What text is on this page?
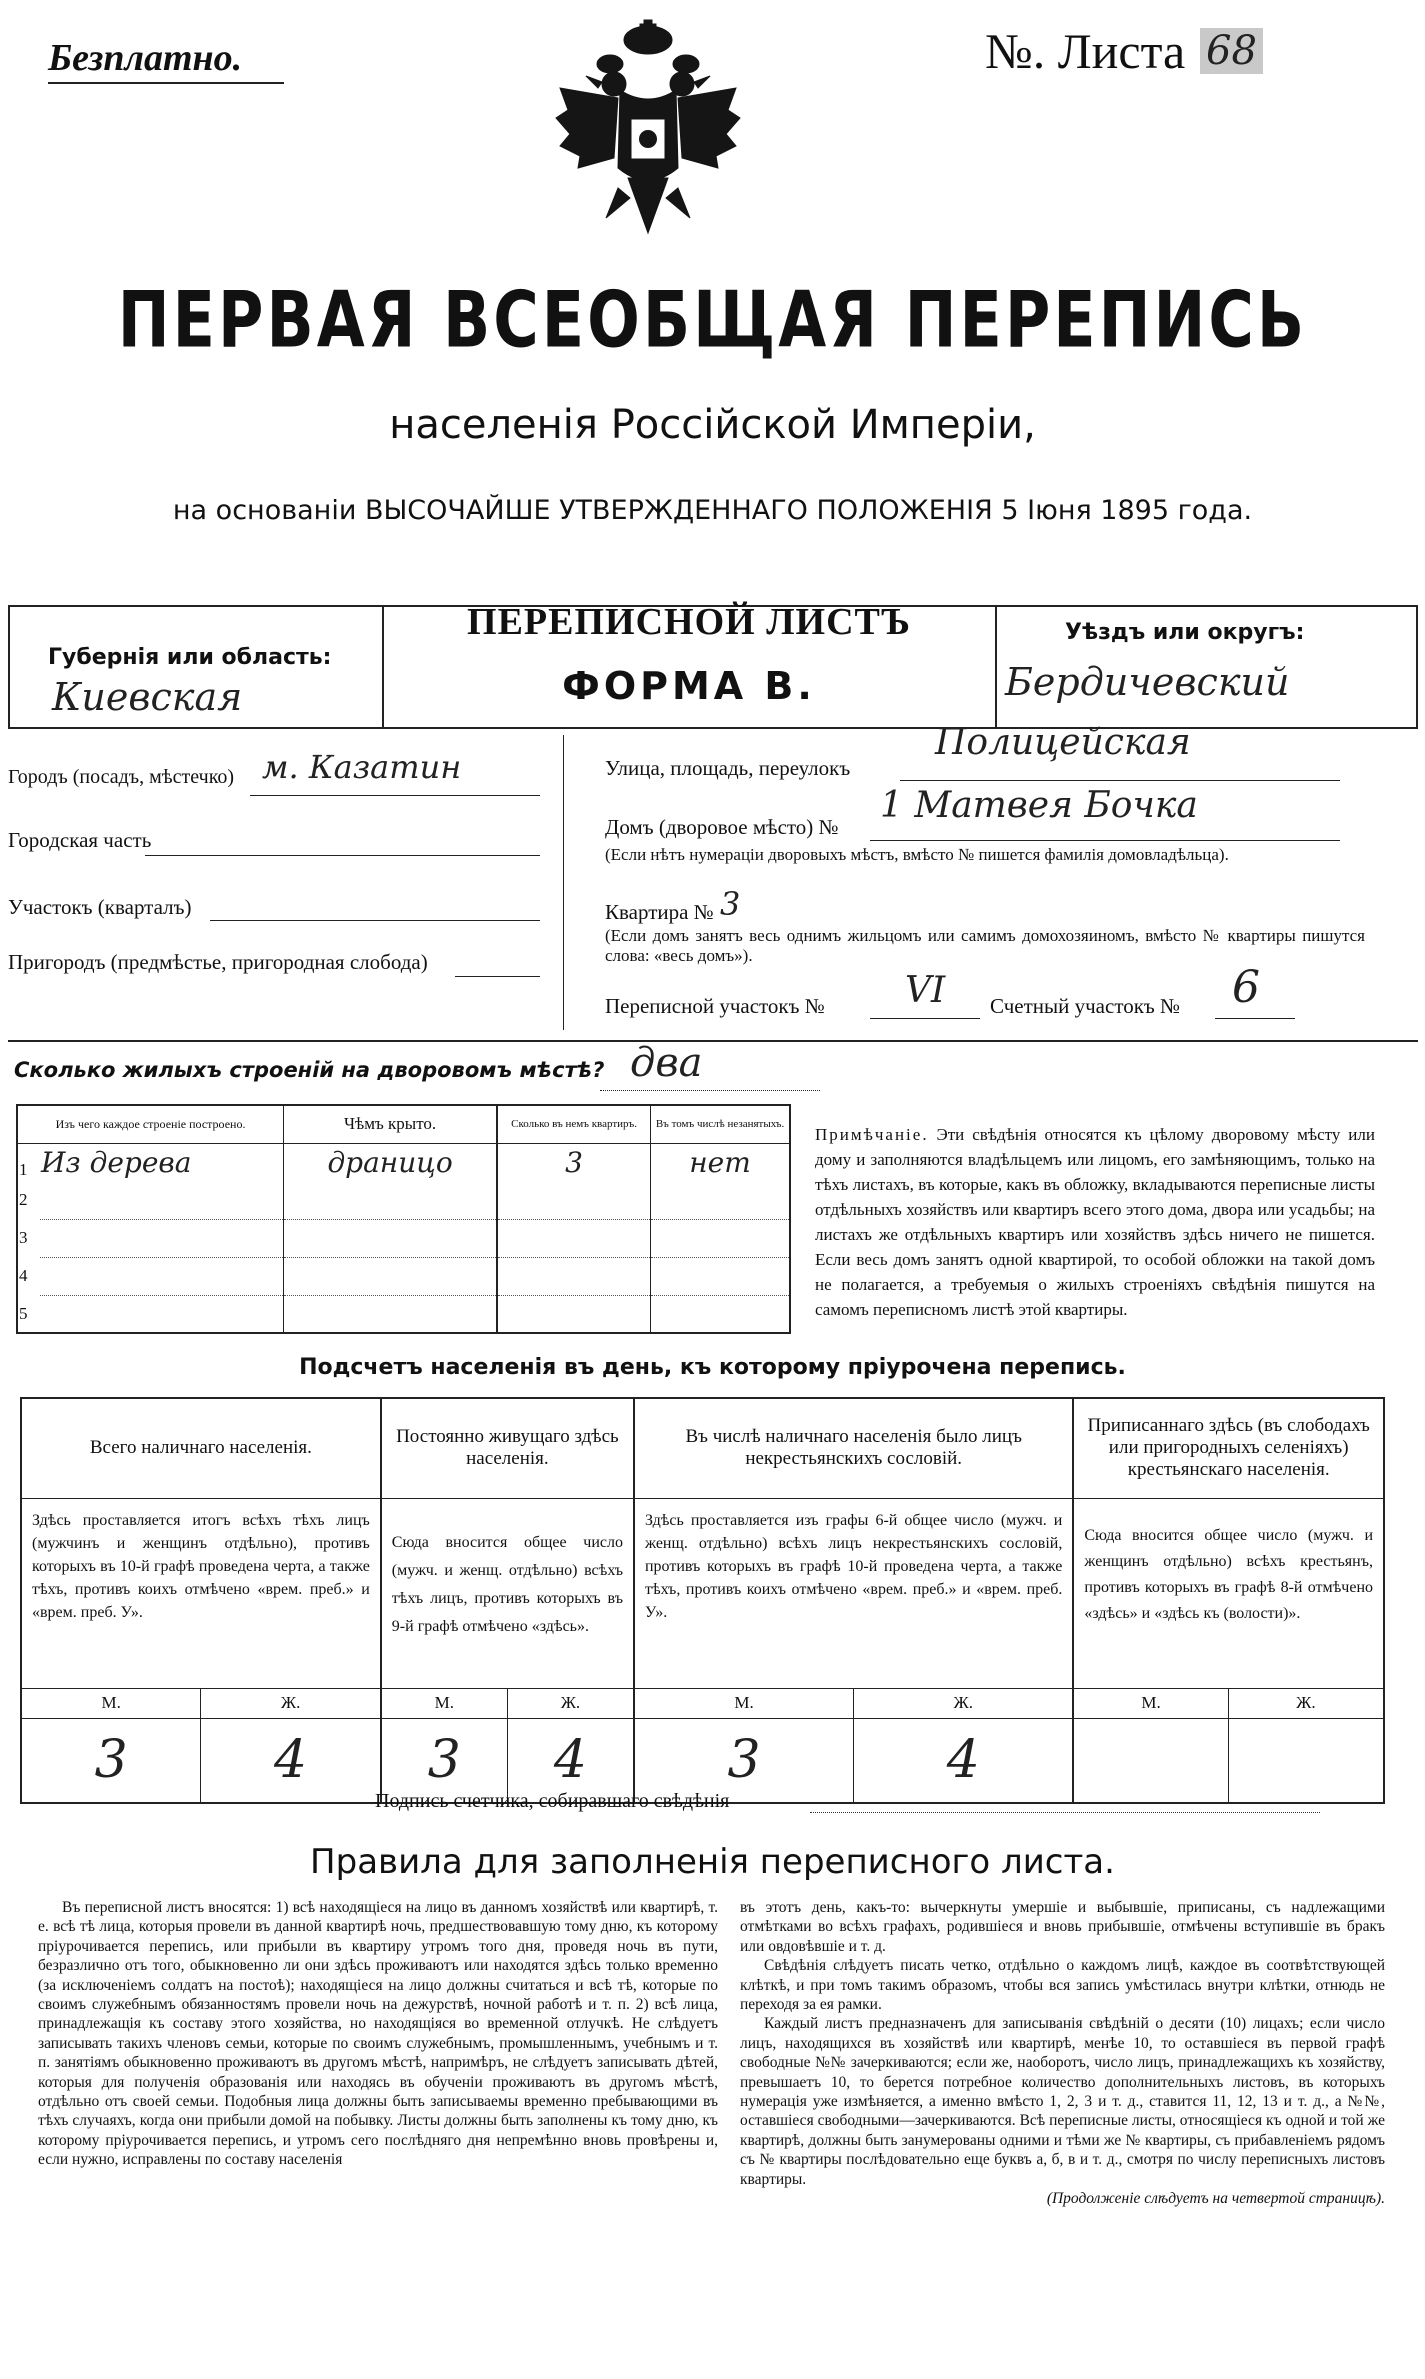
Безплатно.	№. Листа 68
ПЕРВАЯ ВСЕОБЩАЯ ПЕРЕПИСЬ
населенія Россійской Имперіи,
на основаніи ВЫСОЧАЙШЕ УТВЕРЖДЕННАГО ПОЛОЖЕНІЯ 5 Іюня 1895 года.
Губернія или область:
Киевская
ПЕРЕПИСНОЙ ЛИСТЪ
ФОРМА В.
Уѣздъ или округъ:
Бердичевский
Городъ (посадъ, мѣстечко) м. Казатин
Городская часть
Участокъ (кварталъ)
Пригородъ (предмѣстье, пригородная слобода)
Улица, площадь, переулокъ
Полицейская
Домъ (дворовое мѣсто) №
1 Матвея Бочка
(Если нѣтъ нумераціи дворовыхъ мѣстъ, вмѣсто № пишется фамилія домовладѣльца).
Квартира № 3
(Если домъ занятъ весь однимъ жильцомъ или самимъ домохозяиномъ, вмѣсто № квартиры пишутся слова: «весь домъ»).
Переписной участокъ № VI Счетный участокъ № 6
Сколько жилыхъ строеній на дворовомъ мѣстѣ? два
Изъ чего каждое строеніе построено.		Чѣмъ крыто.	Сколько въ немъ квартиръ.	Въ томъ числѣ незанятыхъ.
1	Из дерева	драницо	3	нет
2				
3				
4				
5				
Примѣчаніе. Эти свѣдѣнія относятся къ цѣлому дворовому мѣсту или дому и заполняются владѣльцемъ или лицомъ, его замѣняющимъ, только на тѣхъ листахъ, въ которые, какъ въ обложку, вкладываются переписные листы отдѣльныхъ хозяйствъ или квартиръ всего этого дома, двора или усадьбы; на листахъ же отдѣльныхъ квартиръ или хозяйствъ здѣсь ничего не пишется. Если весь домъ занятъ одной квартирой, то особой обложки на такой домъ не полагается, а требуемыя о жилыхъ строеніяхъ свѣдѣнія пишутся на самомъ переписномъ листѣ этой квартиры.
Подсчетъ населенія въ день, къ которому пріурочена перепись.
Всего наличнаго населенія.		Постоянно живущаго здѣсь населенія.		Въ числѣ наличнаго населенія было лицъ некрестьянскихъ сословій.		Приписаннаго здѣсь (въ слободахъ или пригородныхъ селеніяхъ) крестьянскаго населенія.	
Здѣсь проставляется итогъ всѣхъ тѣхъ лицъ (мужчинъ и женщинъ отдѣльно), противъ которыхъ въ 10-й графѣ проведена черта, а также тѣхъ, противъ коихъ отмѣчено «врем. преб.» и «врем. преб. У».		Сюда вносится общее число (мужч. и женщ. отдѣльно) всѣхъ тѣхъ лицъ, противъ которыхъ въ 9-й графѣ отмѣчено «здѣсь».		Здѣсь проставляется изъ графы 6-й общее число (мужч. и женщ. отдѣльно) всѣхъ лицъ некрестьянскихъ сословій, противъ которыхъ въ графѣ 10-й проведена черта, а также тѣхъ, противъ коихъ отмѣчено «врем. преб.» и «врем. преб. У».		Сюда вносится общее число (мужч. и женщинъ отдѣльно) всѣхъ крестьянъ, противъ которыхъ въ графѣ 8-й отмѣчено «здѣсь» и «здѣсь къ (волости)».	
М.	Ж.	М.	Ж.	М.	Ж.	М.	Ж.
3	4	3	4	3	4		
Подпись счетчика, собиравшаго свѣдѣнія
Правила для заполненія переписного листа.
Въ переписной листъ вносятся: 1) всѣ находящіеся на лицо въ данномъ хозяйствѣ или квартирѣ, т. е. всѣ тѣ лица, которыя провели въ данной квартирѣ ночь, предшествовавшую тому дню, къ которому пріурочивается перепись, или прибыли въ квартиру утромъ того дня, проведя ночь въ пути, безразлично отъ того, обыкновенно ли они здѣсь проживаютъ или находятся здѣсь только временно (за исключеніемъ солдатъ на постоѣ); находящіеся на лицо должны считаться и всѣ тѣ, которые по своимъ служебнымъ обязанностямъ провели ночь на дежурствѣ, ночной работѣ и т. п. 2) всѣ лица, принадлежащія къ составу этого хозяйства, но находящіяся во временной отлучкѣ. Не слѣдуетъ записывать такихъ членовъ семьи, которые по своимъ служебнымъ, промышленнымъ, учебнымъ и т. п. занятіямъ обыкновенно проживаютъ въ другомъ мѣстѣ, напримѣръ, не слѣдуетъ записывать дѣтей, которыя для полученія образованія или находясь въ обученіи проживаютъ въ другомъ мѣстѣ, отдѣльно отъ своей семьи. Подобныя лица должны быть записываемы временно пребывающими въ тѣхъ случаяхъ, когда они прибыли домой на побывку. Листы должны быть заполнены къ тому дню, къ которому пріурочивается перепись, и утромъ сего послѣдняго дня непремѣнно вновь провѣрены и, если нужно, исправлены по составу населенія
въ этотъ день, какъ-то: вычеркнуты умершіе и выбывшіе, приписаны, съ надлежащими отмѣтками во всѣхъ графахъ, родившіеся и вновь прибывшіе, отмѣчены вступившіе въ бракъ или овдовѣвшіе и т. д.
Свѣдѣнія слѣдуетъ писать четко, отдѣльно о каждомъ лицѣ, каждое въ соотвѣтствующей клѣткѣ, и при томъ такимъ образомъ, чтобы вся запись умѣстилась внутри клѣтки, отнюдь не переходя за ея рамки.
Каждый листъ предназначенъ для записыванія свѣдѣній о десяти (10) лицахъ; если число лицъ, находящихся въ хозяйствѣ или квартирѣ, менѣе 10, то оставшіеся въ первой графѣ свободные №№ зачеркиваются; если же, наоборотъ, число лицъ, принадлежащихъ къ хозяйству, превышаетъ 10, то берется потребное количество дополнительныхъ листовъ, въ которыхъ нумерація уже измѣняется, а именно вмѣсто 1, 2, 3 и т. д., ставится 11, 12, 13 и т. д., а №№, оставшіеся свободными—зачеркиваются. Всѣ переписные листы, относящіеся къ одной и той же квартирѣ, должны быть занумерованы одними и тѣми же № квартиры, съ прибавленіемъ рядомъ съ № квартиры послѣдовательно еще буквъ а, б, в и т. д., смотря по числу переписныхъ листовъ квартиры.
(Продолженіе слѣдуетъ на четвертой страницѣ).
